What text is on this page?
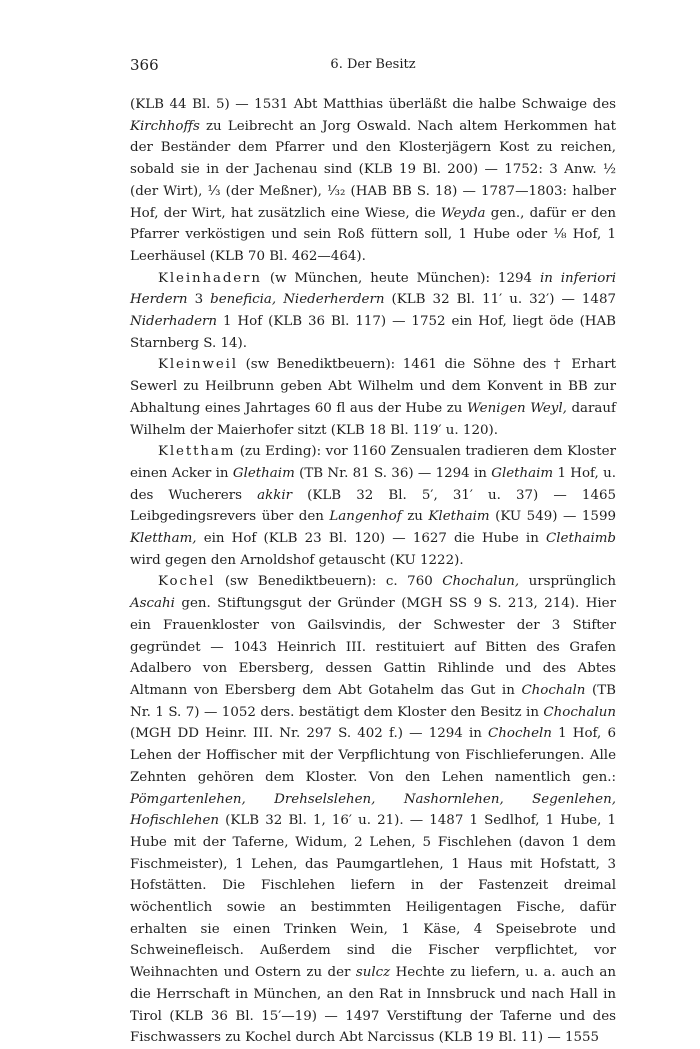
366	6. Der Besitz

(KLB 44 Bl. 5) — 1531 Abt Matthias überläßt die halbe Schwaige des Kirchhoffs zu Leibrecht an Jorg Oswald. Nach altem Herkommen hat der Beständer dem Pfarrer und den Klosterjägern Kost zu reichen, sobald sie in der Jachenau sind (KLB 19 Bl. 200) — 1752: 3 Anw. ½ (der Wirt), ⅓ (der Meßner), ¹⁄₃₂ (HAB BB S. 18) — 1787—1803: halber Hof, der Wirt, hat zusätzlich eine Wiese, die Weyda gen., dafür er den Pfarrer verköstigen und sein Roß füttern soll, 1 Hube oder ⅛ Hof, 1 Leerhäusel (KLB 70 Bl. 462—464).

Kleinhadern (w München, heute München): 1294 in inferiori Herdern 3 beneficia, Niederherdern (KLB 32 Bl. 11′ u. 32′) — 1487 Niderhadern 1 Hof (KLB 36 Bl. 117) — 1752 ein Hof, liegt öde (HAB Starnberg S. 14).

Kleinweil (sw Benediktbeuern): 1461 die Söhne des † Erhart Sewerl zu Heilbrunn geben Abt Wilhelm und dem Konvent in BB zur Abhaltung eines Jahrtages 60 fl aus der Hube zu Wenigen Weyl, darauf Wilhelm der Maierhofer sitzt (KLB 18 Bl. 119′ u. 120).

Klettham (zu Erding): vor 1160 Zensualen tradieren dem Kloster einen Acker in Glethaim (TB Nr. 81 S. 36) — 1294 in Glethaim 1 Hof, u. des Wucherers akkir (KLB 32 Bl. 5′, 31′ u. 37) — 1465 Leibgedingsrevers über den Langenhof zu Klethaim (KU 549) — 1599 Klettham, ein Hof (KLB 23 Bl. 120) — 1627 die Hube in Clethaimb wird gegen den Arnoldshof getauscht (KU 1222).

Kochel (sw Benediktbeuern): c. 760 Chochalun, ursprünglich Ascahi gen. Stiftungsgut der Gründer (MGH SS 9 S. 213, 214). Hier ein Frauenkloster von Gailsvindis, der Schwester der 3 Stifter gegründet — 1043 Heinrich III. restituiert auf Bitten des Grafen Adalbero von Ebersberg, dessen Gattin Rihlinde und des Abtes Altmann von Ebersberg dem Abt Gotahelm das Gut in Chochaln (TB Nr. 1 S. 7) — 1052 ders. bestätigt dem Kloster den Besitz in Chochalun (MGH DD Heinr. III. Nr. 297 S. 402 f.) — 1294 in Chocheln 1 Hof, 6 Lehen der Hoffischer mit der Verpflichtung von Fischlieferungen. Alle Zehnten gehören dem Kloster. Von den Lehen namentlich gen.: Pömgartenlehen, Drehselslehen, Nashornlehen, Segenlehen, Hofischlehen (KLB 32 Bl. 1, 16′ u. 21). — 1487 1 Sedlhof, 1 Hube, 1 Hube mit der Taferne, Widum, 2 Lehen, 5 Fischlehen (davon 1 dem Fischmeister), 1 Lehen, das Paumgartlehen, 1 Haus mit Hofstatt, 3 Hofstätten. Die Fischlehen liefern in der Fastenzeit dreimal wöchentlich sowie an bestimmten Heiligentagen Fische, dafür erhalten sie einen Trinken Wein, 1 Käse, 4 Speisebrote und Schweinefleisch. Außerdem sind die Fischer verpflichtet, vor Weihnachten und Ostern zu der sulcz Hechte zu liefern, u. a. auch an die Herrschaft in München, an den Rat in Innsbruck und nach Hall in Tirol (KLB 36 Bl. 15′—19) — 1497 Verstiftung der Taferne und des Fischwassers zu Kochel durch Abt Narcissus (KLB 19 Bl. 11) — 1555
